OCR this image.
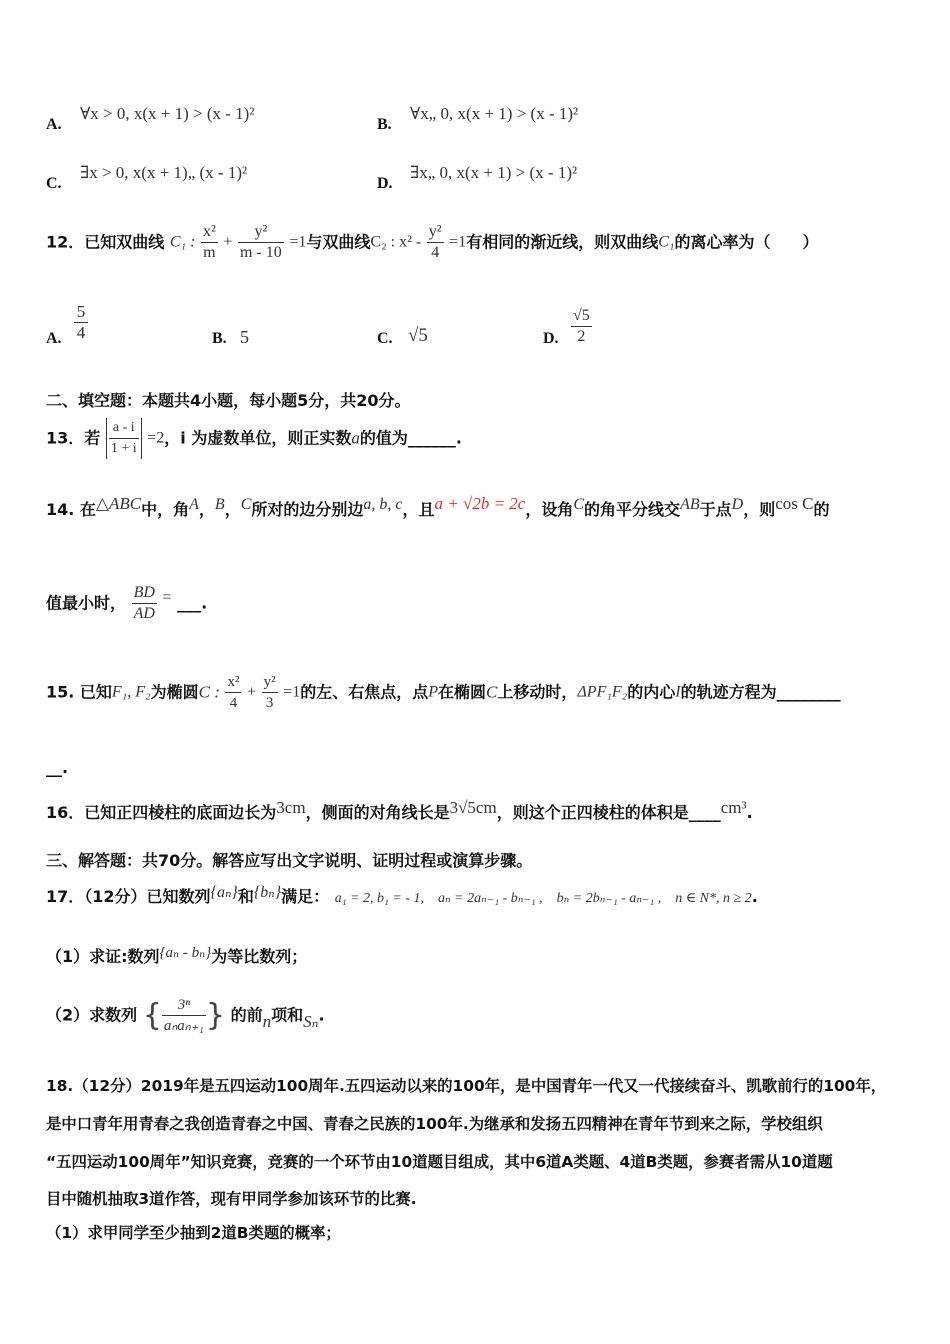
A.
∀x > 0, x(x + 1) > (x - 1)²
B.
∀x„ 0, x(x + 1) > (x - 1)²
C.
∃x > 0, x(x + 1)„ (x - 1)²
D.
∃x„ 0, x(x + 1) > (x - 1)²
12．已知双曲线 C₁ : $\frac{\text{x²}}{m} + \frac{\text{y²}}{m - 10} =1$与双曲线C₂ : $x^2 - \frac{\text{y²}}{4} =1$有相同的渐近线，则双曲线C₁的离心率为（　　）
A.
5
4	B. 5	C. √5	D. $\frac{√5}{2}$
二、填空题：本题共4小题，每小题5分，共20分。
13．若 $\frac{a - i}{1 + i} =2$，i 为虚数单位，则正实数a的值为______.
14. 在△ABC中，角A，B，C所对的边分别边a, b, c，且a + √2b = 2c，设角C的角平分线交AB于点D，则cos C的
值最小时， $\frac{BD}{AD}$ = ___.
15. 已知F₁, F₂为椭圆C : $\frac{\text{x²}}{4} + \frac{\text{y²}}{3} =1$的左、右焦点，点P在椭圆C上移动时，ΔPF₁F₂的内心I的轨迹方程为________
__.
16．已知正四棱柱的底面边长为3cm，侧面的对角线长是3√5cm，则这个正四棱柱的体积是____cm³.
三、解答题：共70分。解答应写出文字说明、证明过程或演算步骤。
17．（12分）已知数列{aₙ}和{bₙ}满足： a₁ = 2, b₁ = - 1,　aₙ = 2aₙ₋₁ - bₙ₋₁ ,　bₙ = 2bₙ₋₁ - aₙ₋₁ ,　n ∈ N*, n ≥ 2.
（1）求证:数列{aₙ - bₙ}为等比数列；
（2）求数列 { $\frac{\text{3ⁿ}}{\text{aₙaₙ₊₁}}$ } 的前n项和Sₙ.
18.（12分）2019年是五四运动100周年.五四运动以来的100年，是中国青年一代又一代接续奋斗、凯歌前行的100年，
是中口青年用青春之我创造青春之中国、青春之民族的100年.为继承和发扬五四精神在青年节到来之际，学校组织
“五四运动100周年”知识竞赛，竞赛的一个环节由10道题目组成，其中6道A类题、4道B类题，参赛者需从10道题
目中随机抽取3道作答，现有甲同学参加该环节的比赛.
（1）求甲同学至少抽到2道B类题的概率；
